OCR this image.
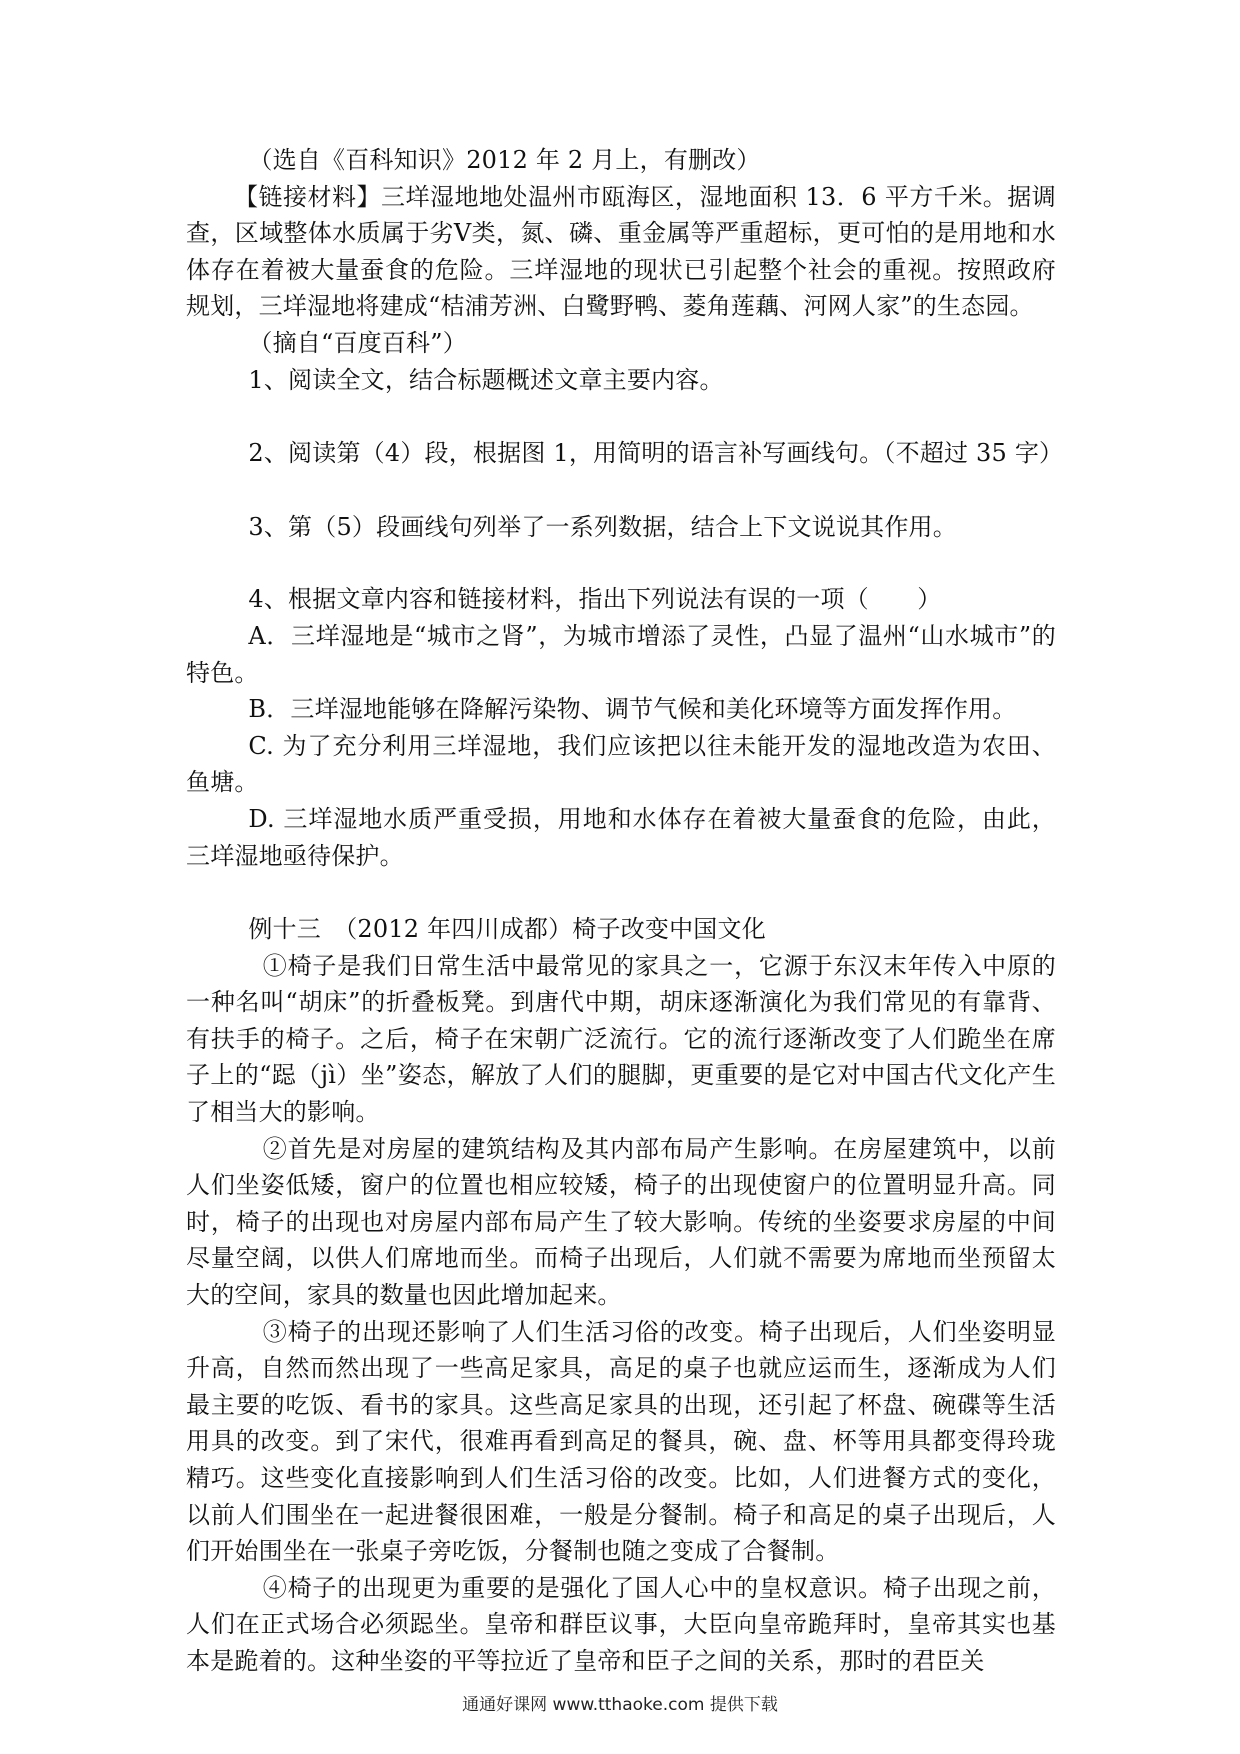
（选自《百科知识》2012 年 2 月上，有删改）

【链接材料】三垟湿地地处温州市瓯海区，湿地面积 13．6 平方千米。据调查，区域整体水质属于劣Ⅴ类，氮、磷、重金属等严重超标，更可怕的是用地和水体存在着被大量蚕食的危险。三垟湿地的现状已引起整个社会的重视。按照政府规划，三垟湿地将建成“桔浦芳洲、白鹭野鸭、菱角莲藕、河网人家”的生态园。

（摘自“百度百科”）

1、阅读全文，结合标题概述文章主要内容。

2、阅读第（4）段，根据图 1，用简明的语言补写画线句。（不超过 35 字）

3、第（5）段画线句列举了一系列数据，结合上下文说说其作用。

4、根据文章内容和链接材料，指出下列说法有误的一项（　　）

A．三垟湿地是“城市之肾”，为城市增添了灵性，凸显了温州“山水城市”的特色。

B．三垟湿地能够在降解污染物、调节气候和美化环境等方面发挥作用。

C. 为了充分利用三垟湿地，我们应该把以往未能开发的湿地改造为农田、鱼塘。

D. 三垟湿地水质严重受损，用地和水体存在着被大量蚕食的危险，由此，三垟湿地亟待保护。

例十三　（2012 年四川成都）椅子改变中国文化

①椅子是我们日常生活中最常见的家具之一，它源于东汉末年传入中原的一种名叫“胡床”的折叠板凳。到唐代中期，胡床逐渐演化为我们常见的有靠背、有扶手的椅子。之后，椅子在宋朝广泛流行。它的流行逐渐改变了人们跪坐在席子上的“跽（jì）坐”姿态，解放了人们的腿脚，更重要的是它对中国古代文化产生了相当大的影响。

②首先是对房屋的建筑结构及其内部布局产生影响。在房屋建筑中，以前人们坐姿低矮，窗户的位置也相应较矮，椅子的出现使窗户的位置明显升高。同时，椅子的出现也对房屋内部布局产生了较大影响。传统的坐姿要求房屋的中间尽量空阔，以供人们席地而坐。而椅子出现后，人们就不需要为席地而坐预留太大的空间，家具的数量也因此增加起来。

③椅子的出现还影响了人们生活习俗的改变。椅子出现后，人们坐姿明显升高，自然而然出现了一些高足家具，高足的桌子也就应运而生，逐渐成为人们最主要的吃饭、看书的家具。这些高足家具的出现，还引起了杯盘、碗碟等生活用具的改变。到了宋代，很难再看到高足的餐具，碗、盘、杯等用具都变得玲珑精巧。这些变化直接影响到人们生活习俗的改变。比如，人们进餐方式的变化，以前人们围坐在一起进餐很困难，一般是分餐制。椅子和高足的桌子出现后，人们开始围坐在一张桌子旁吃饭，分餐制也随之变成了合餐制。

④椅子的出现更为重要的是强化了国人心中的皇权意识。椅子出现之前，人们在正式场合必须跽坐。皇帝和群臣议事，大臣向皇帝跪拜时，皇帝其实也基本是跪着的。这种坐姿的平等拉近了皇帝和臣子之间的关系，那时的君臣关

通通好课网 www.tthaoke.com 提供下载
